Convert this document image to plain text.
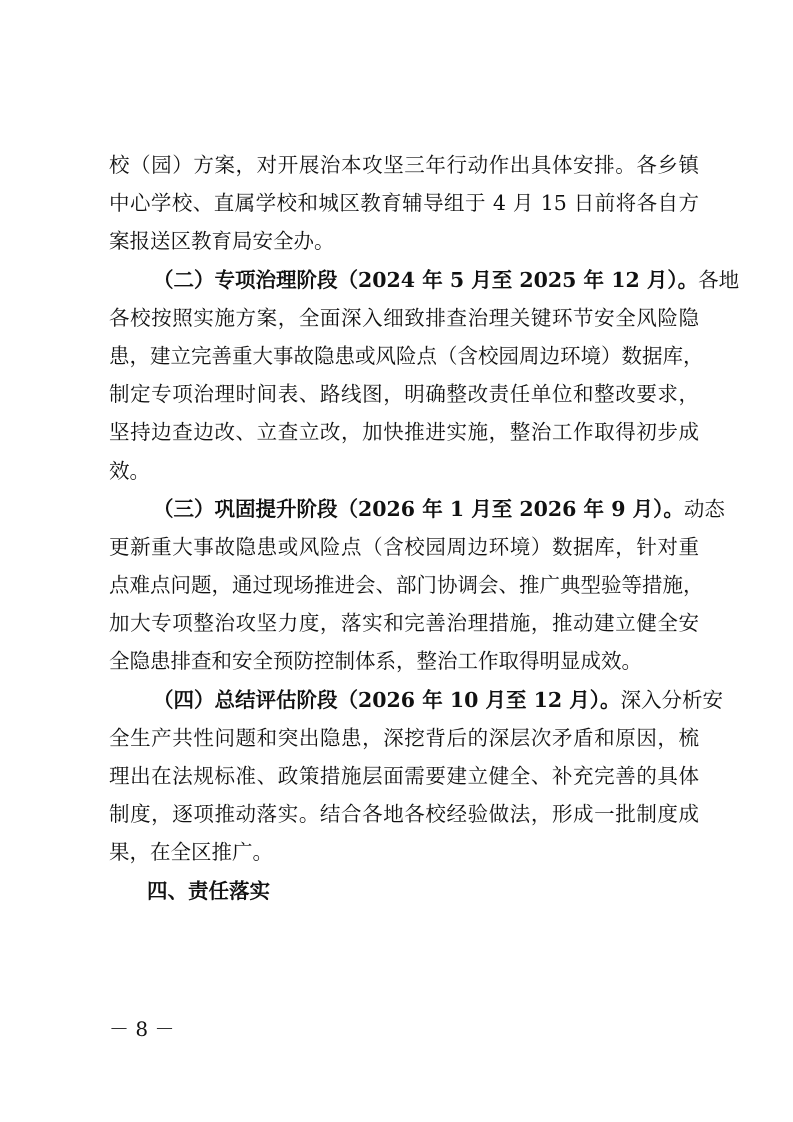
校（园）方案，对开展治本攻坚三年行动作出具体安排。各乡镇
中心学校、直属学校和城区教育辅导组于 4 月 15 日前将各自方
案报送区教育局安全办。
（二）专项治理阶段（2024 年 5 月至 2025 年 12 月）。各地
各校按照实施方案，全面深入细致排查治理关键环节安全风险隐
患，建立完善重大事故隐患或风险点（含校园周边环境）数据库，
制定专项治理时间表、路线图，明确整改责任单位和整改要求，
坚持边查边改、立查立改，加快推进实施，整治工作取得初步成
效。
（三）巩固提升阶段（2026 年 1 月至 2026 年 9 月）。动态
更新重大事故隐患或风险点（含校园周边环境）数据库，针对重
点难点问题，通过现场推进会、部门协调会、推广典型验等措施，
加大专项整治攻坚力度，落实和完善治理措施，推动建立健全安
全隐患排查和安全预防控制体系，整治工作取得明显成效。
（四）总结评估阶段（2026 年 10 月至 12 月）。深入分析安
全生产共性问题和突出隐患，深挖背后的深层次矛盾和原因，梳
理出在法规标准、政策措施层面需要建立健全、补充完善的具体
制度，逐项推动落实。结合各地各校经验做法，形成一批制度成
果，在全区推广。
四、责任落实
－ 8 －
